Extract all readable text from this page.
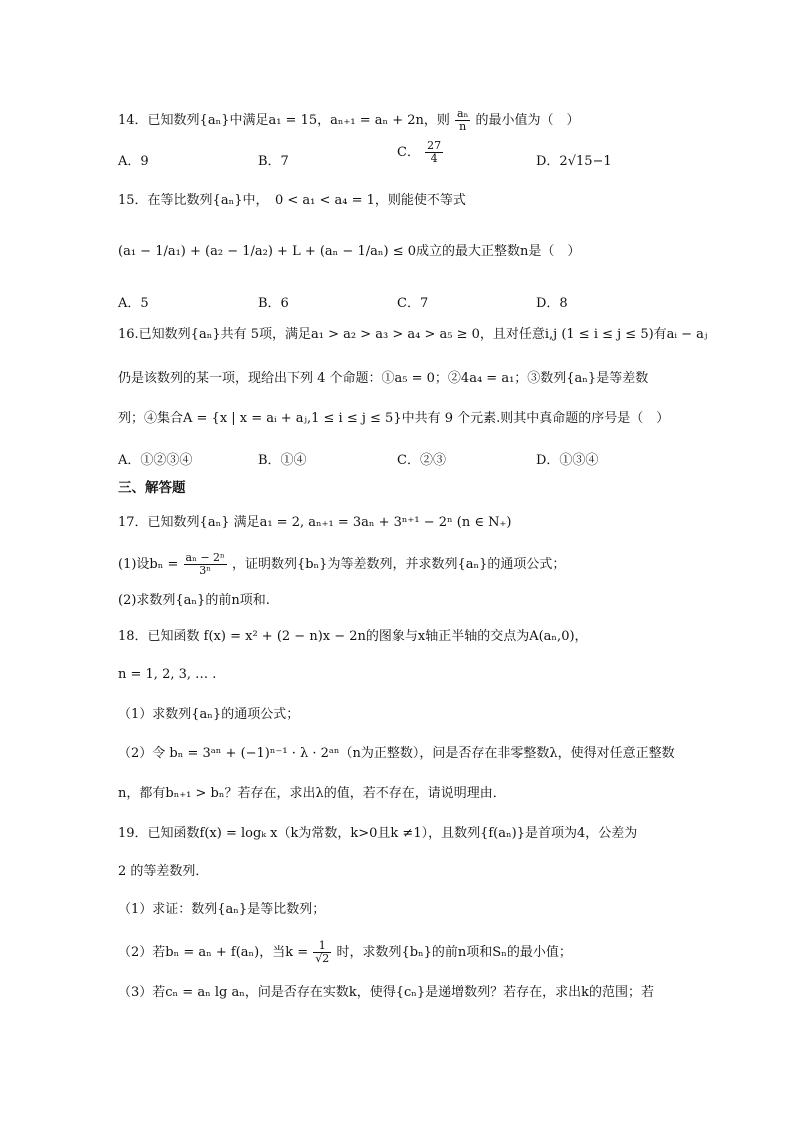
14．已知数列{aₙ}中满足a₁ = 15，aₙ₊₁ = aₙ + 2n，则 $\frac{\text{aₙ}}{n}$ 的最小值为（　）
A．9	B．7
C． $\frac{27}{4}$	D．2√15−1
15．在等比数列{aₙ}中，　0 < a₁ < a₄ = 1，则能使不等式
(a₁ − 1/a₁) + (a₂ − 1/a₂) + L + (aₙ − 1/aₙ) ≤ 0成立的最大正整数n是（　）
A．5	B．6	C．7	D．8
16.已知数列{aₙ}共有 5项，满足a₁ > a₂ > a₃ > a₄ > a₅ ≥ 0，且对任意i,j (1 ≤ i ≤ j ≤ 5)有aᵢ − aⱼ
仍是该数列的某一项，现给出下列 4 个命题：①a₅ = 0；②4a₄ = a₁；③数列{aₙ}是等差数
列；④集合A = {x | x = aᵢ + aⱼ,1 ≤ i ≤ j ≤ 5}中共有 9 个元素.则其中真命题的序号是（　）
A．①②③④	B．①④	C．②③	D．①③④
三、解答题
17．已知数列{aₙ} 满足a₁ = 2, aₙ₊₁ = 3aₙ + 3ⁿ⁺¹ − 2ⁿ (n ∈ N₊)
(1)设$b_n = \frac{\text{aₙ − 2ⁿ}}{\text{3ⁿ}}$ ，证明数列{bₙ}为等差数列，并求数列{aₙ}的通项公式；
(2)求数列{aₙ}的前n项和.
18．已知函数 f(x) = x² + (2 − n)x − 2n的图象与x轴正半轴的交点为A(aₙ,0)，
n = 1, 2, 3, … .
（1）求数列{aₙ}的通项公式；
（2）令 bₙ = 3ᵃⁿ + (−1)ⁿ⁻¹ · λ · 2ᵃⁿ（n为正整数），问是否存在非零整数λ，使得对任意正整数
n，都有bₙ₊₁ > bₙ？若存在，求出λ的值，若不存在，请说明理由．
19．已知函数f(x) = logₖ x（k为常数，k>0且k ≠1），且数列{f(aₙ)}是首项为4，公差为
2 的等差数列．
（1）求证：数列{aₙ}是等比数列；
（2）若bₙ = aₙ + f(aₙ)，当$k = \frac{1}{√2}$ 时，求数列{bₙ}的前n项和Sₙ的最小值；
（3）若cₙ = aₙ lg aₙ，问是否存在实数k，使得{cₙ}是递增数列？若存在，求出k的范围；若
